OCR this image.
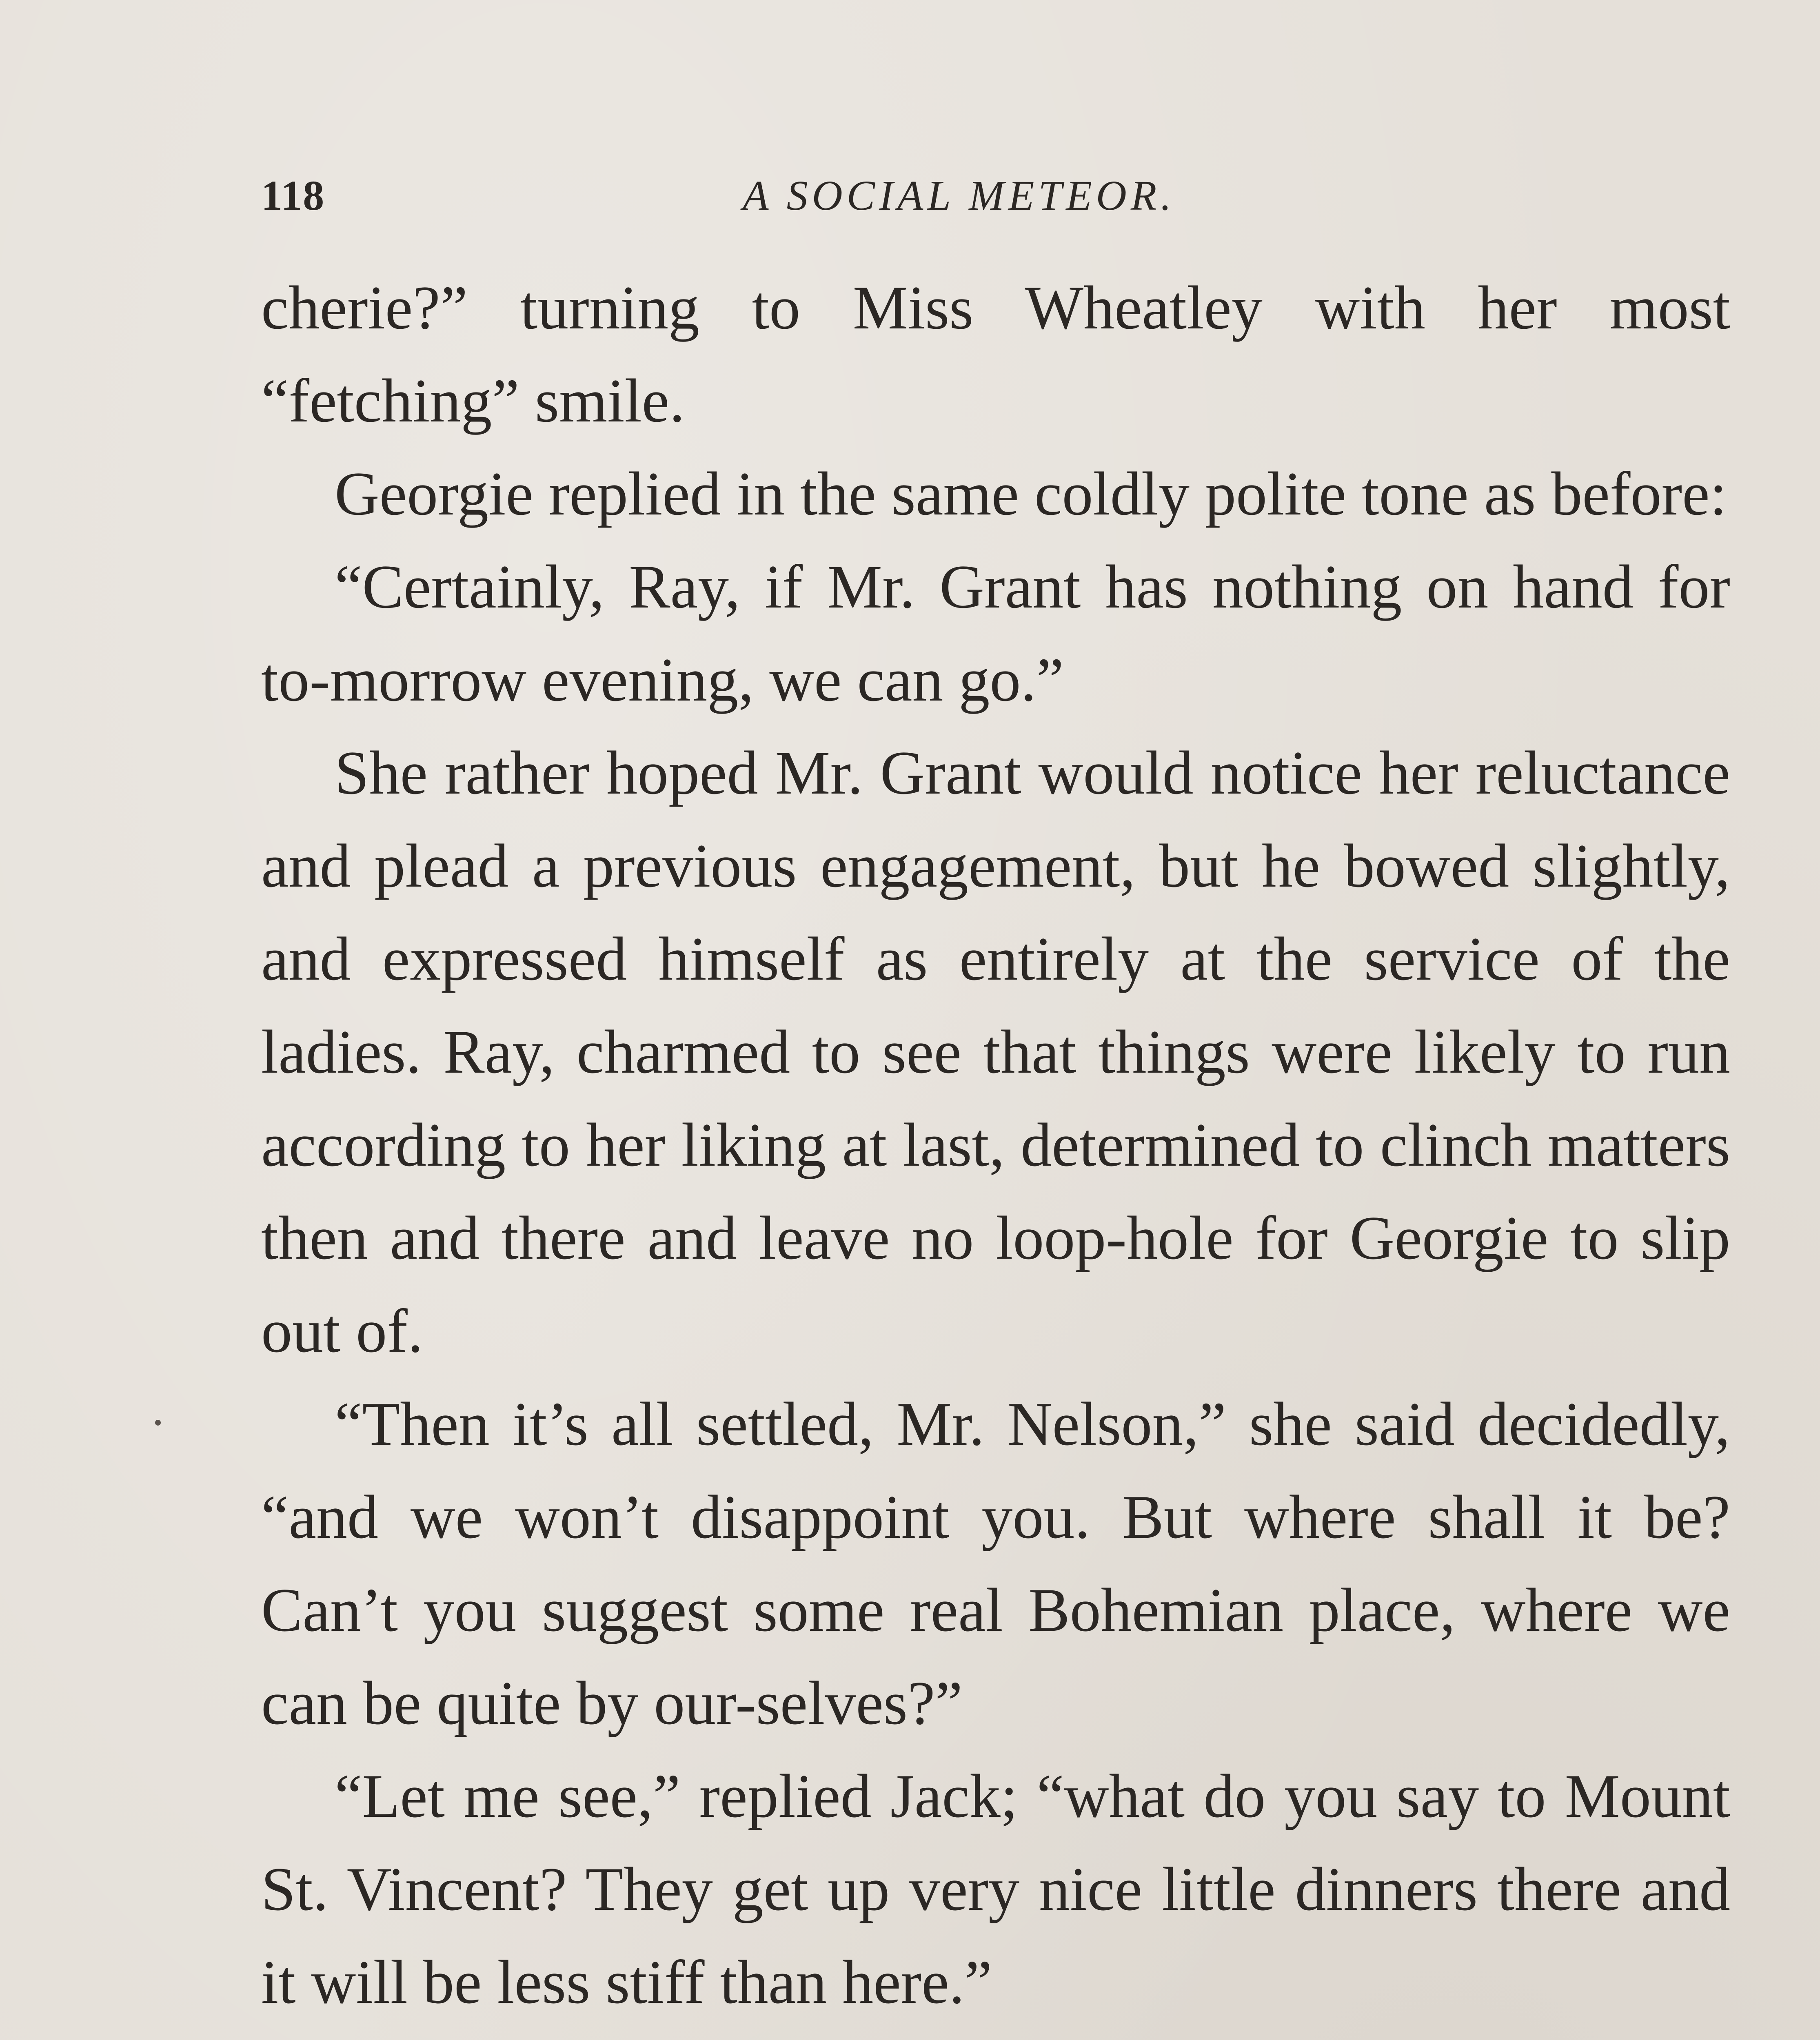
118	A SOCIAL METEOR.

cherie?” turning to Miss Wheatley with her most “fetching” smile.

Georgie replied in the same coldly polite tone as before:

“Certainly, Ray, if Mr. Grant has nothing on hand for to-morrow evening, we can go.”

She rather hoped Mr. Grant would notice her reluctance and plead a previous engagement, but he bowed slightly, and expressed himself as entirely at the service of the ladies. Ray, charmed to see that things were likely to run according to her liking at last, determined to clinch matters then and there and leave no loop-hole for Georgie to slip out of.

“Then it’s all settled, Mr. Nelson,” she said decidedly, “and we won’t disappoint you. But where shall it be? Can’t you suggest some real Bohemian place, where we can be quite by our-selves?”

“Let me see,” replied Jack; “what do you say to Mount St. Vincent? They get up very nice little dinners there and it will be less stiff than here.”
